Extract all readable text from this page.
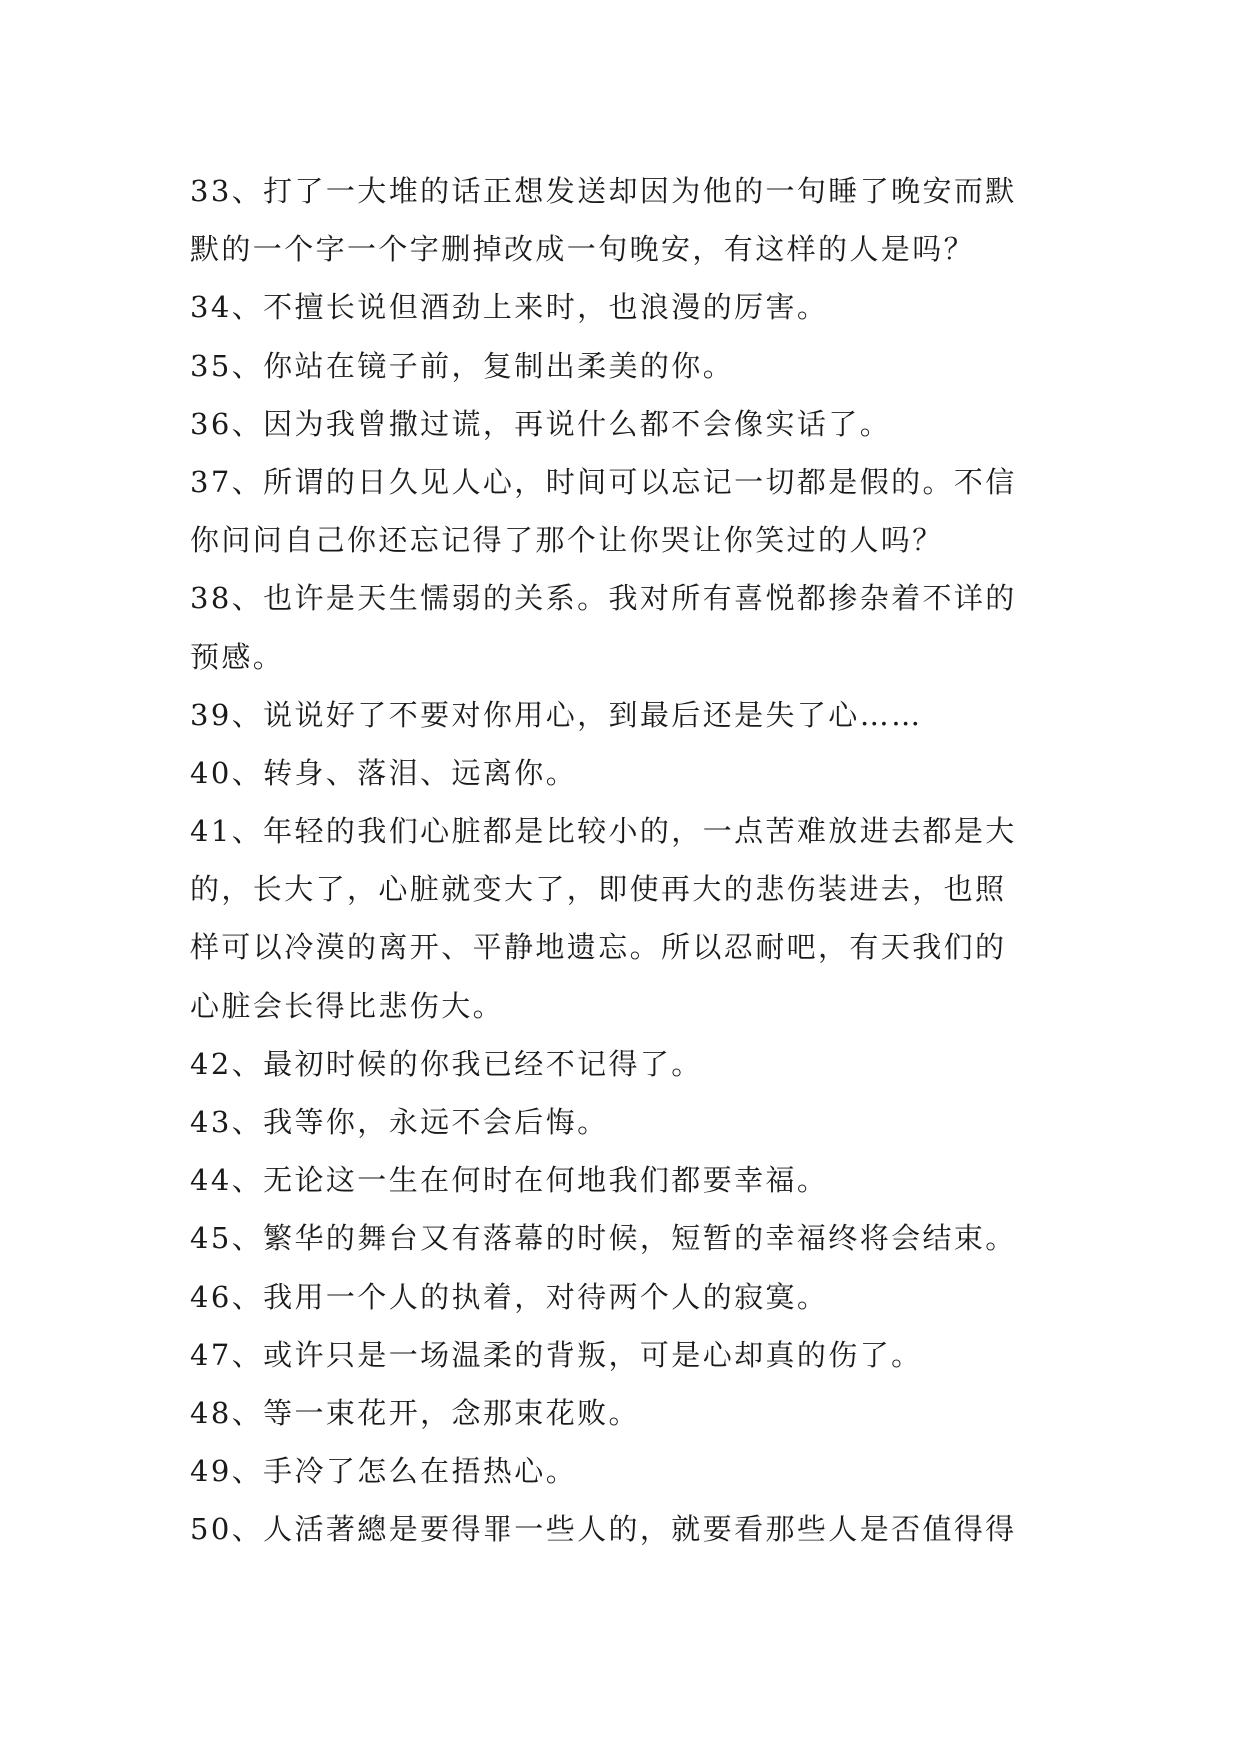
33、打了一大堆的话正想发送却因为他的一句睡了晚安而默
默的一个字一个字删掉改成一句晚安，有这样的人是吗？
34、不擅长说但酒劲上来时，也浪漫的厉害。
35、你站在镜子前，复制出柔美的你。
36、因为我曾撒过谎，再说什么都不会像实话了。
37、所谓的日久见人心，时间可以忘记一切都是假的。不信
你问问自己你还忘记得了那个让你哭让你笑过的人吗？
38、也许是天生懦弱的关系。我对所有喜悦都掺杂着不详的
预感。
39、说说好了不要对你用心，到最后还是失了心……
40、转身、落泪、远离你。
41、年轻的我们心脏都是比较小的，一点苦难放进去都是大
的，长大了，心脏就变大了，即使再大的悲伤装进去，也照
样可以冷漠的离开、平静地遗忘。所以忍耐吧，有天我们的
心脏会长得比悲伤大。
42、最初时候的你我已经不记得了。
43、我等你，永远不会后悔。
44、无论这一生在何时在何地我们都要幸福。
45、繁华的舞台又有落幕的时候，短暂的幸福终将会结束。
46、我用一个人的执着，对待两个人的寂寞。
47、或许只是一场温柔的背叛，可是心却真的伤了。
48、等一束花开，念那束花败。
49、手冷了怎么在捂热心。
50、人活著總是要得罪一些人的，就要看那些人是否值得得
